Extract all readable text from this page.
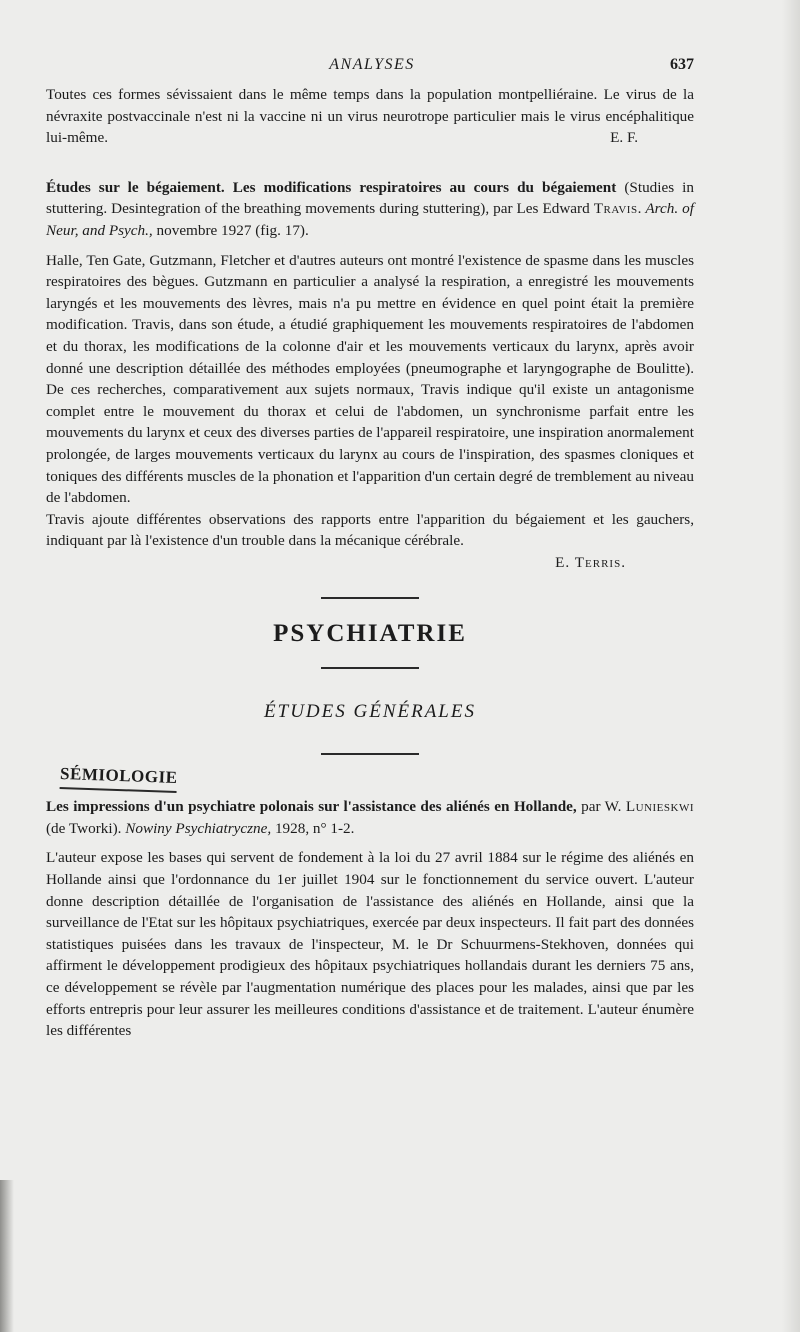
ANALYSES	637

Toutes ces formes sévissaient dans le même temps dans la population montpelliéraine. Le virus de la névraxite postvaccinale n'est ni la vaccine ni un virus neurotrope particulier mais le virus encéphalitique lui-même.	E. F.

Études sur le bégaiement. Les modifications respiratoires au cours du bégaiement (Studies in stuttering. Desintegration of the breathing movements during stuttering), par Les Edward Travis. Arch. of Neur, and Psych., novembre 1927 (fig. 17).

Halle, Ten Gate, Gutzmann, Fletcher et d'autres auteurs ont montré l'existence de spasme dans les muscles respiratoires des bègues. Gutzmann en particulier a analysé la respiration, a enregistré les mouvements laryngés et les mouvements des lèvres, mais n'a pu mettre en évidence en quel point était la première modification. Travis, dans son étude, a étudié graphiquement les mouvements respiratoires de l'abdomen et du thorax, les modifications de la colonne d'air et les mouvements verticaux du larynx, après avoir donné une description détaillée des méthodes employées (pneumographe et laryngographe de Boulitte). De ces recherches, comparativement aux sujets normaux, Travis indique qu'il existe un antagonisme complet entre le mouvement du thorax et celui de l'abdomen, un synchronisme parfait entre les mouvements du larynx et ceux des diverses parties de l'appareil respiratoire, une inspiration anormalement prolongée, de larges mouvements verticaux du larynx au cours de l'inspiration, des spasmes cloniques et toniques des différents muscles de la phonation et l'apparition d'un certain degré de tremblement au niveau de l'abdomen.

Travis ajoute différentes observations des rapports entre l'apparition du bégaiement et les gauchers, indiquant par là l'existence d'un trouble dans la mécanique cérébrale.

E. Terris.

PSYCHIATRIE
ÉTUDES GÉNÉRALES
SÉMIOLOGIE

Les impressions d'un psychiatre polonais sur l'assistance des aliénés en Hollande, par W. Lunieskwi (de Tworki). Nowiny Psychiatryczne, 1928, n° 1-2.

L'auteur expose les bases qui servent de fondement à la loi du 27 avril 1884 sur le régime des aliénés en Hollande ainsi que l'ordonnance du 1er juillet 1904 sur le fonctionnement du service ouvert. L'auteur donne description détaillée de l'organisation de l'assistance des aliénés en Hollande, ainsi que la surveillance de l'Etat sur les hôpitaux psychiatriques, exercée par deux inspecteurs. Il fait part des données statistiques puisées dans les travaux de l'inspecteur, M. le Dr Schuurmens-Stekhoven, données qui affirment le développement prodigieux des hôpitaux psychiatriques hollandais durant les derniers 75 ans, ce développement se révèle par l'augmentation numérique des places pour les malades, ainsi que par les efforts entrepris pour leur assurer les meilleures conditions d'assistance et de traitement. L'auteur énumère les différentes
